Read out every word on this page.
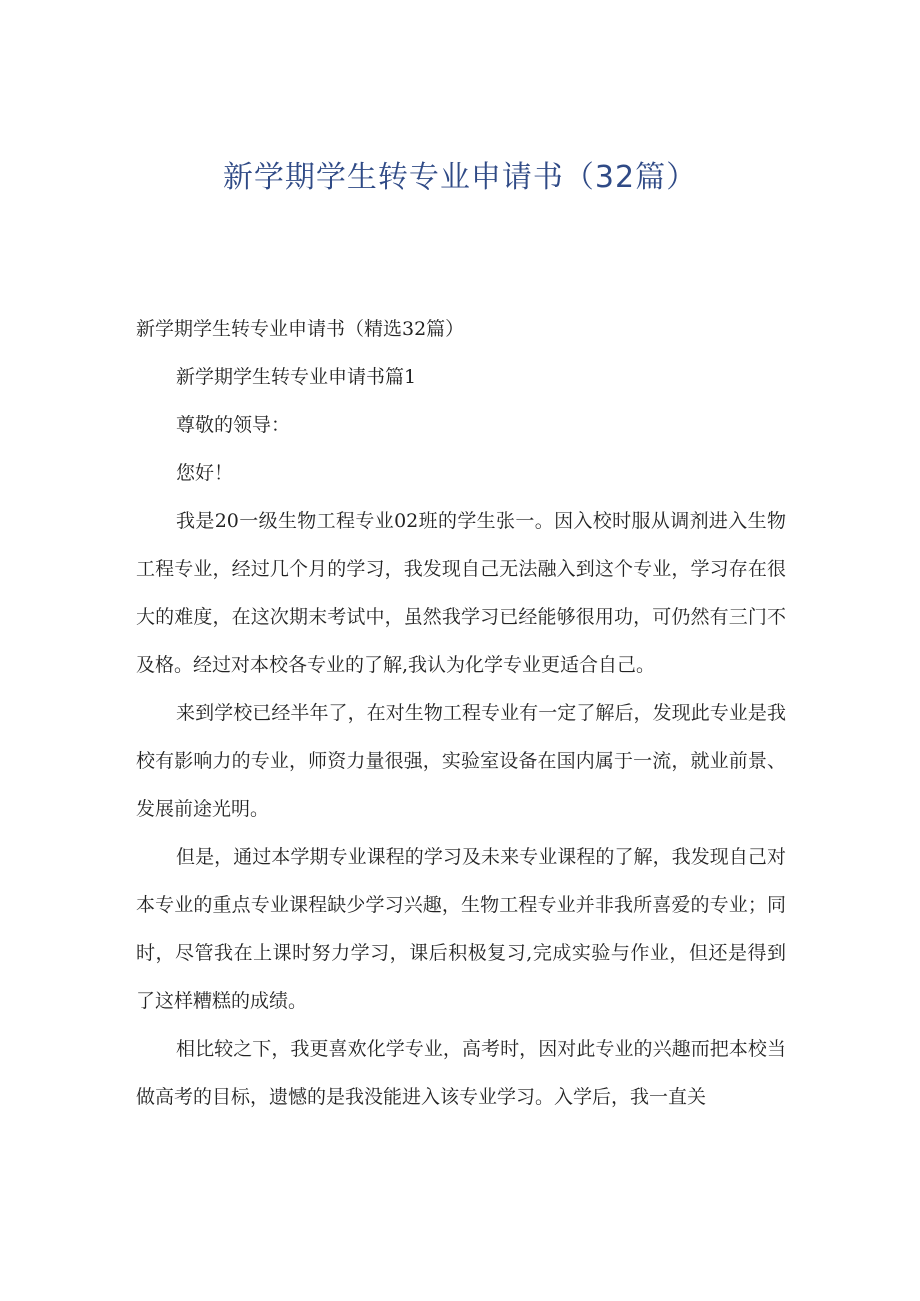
新学期学生转专业申请书（32篇）

新学期学生转专业申请书（精选32篇）

新学期学生转专业申请书篇1

尊敬的领导：

您好！

我是20一级生物工程专业02班的学生张一。因入校时服从调剂进入生物工程专业，经过几个月的学习，我发现自己无法融入到这个专业，学习存在很大的难度，在这次期末考试中，虽然我学习已经能够很用功，可仍然有三门不及格。经过对本校各专业的了解,我认为化学专业更适合自己。

来到学校已经半年了，在对生物工程专业有一定了解后，发现此专业是我校有影响力的专业，师资力量很强，实验室设备在国内属于一流，就业前景、发展前途光明。

但是，通过本学期专业课程的学习及未来专业课程的了解，我发现自己对本专业的重点专业课程缺少学习兴趣，生物工程专业并非我所喜爱的专业；同时，尽管我在上课时努力学习，课后积极复习,完成实验与作业，但还是得到了这样糟糕的成绩。

相比较之下，我更喜欢化学专业，高考时，因对此专业的兴趣而把本校当做高考的目标，遗憾的是我没能进入该专业学习。入学后，我一直关
